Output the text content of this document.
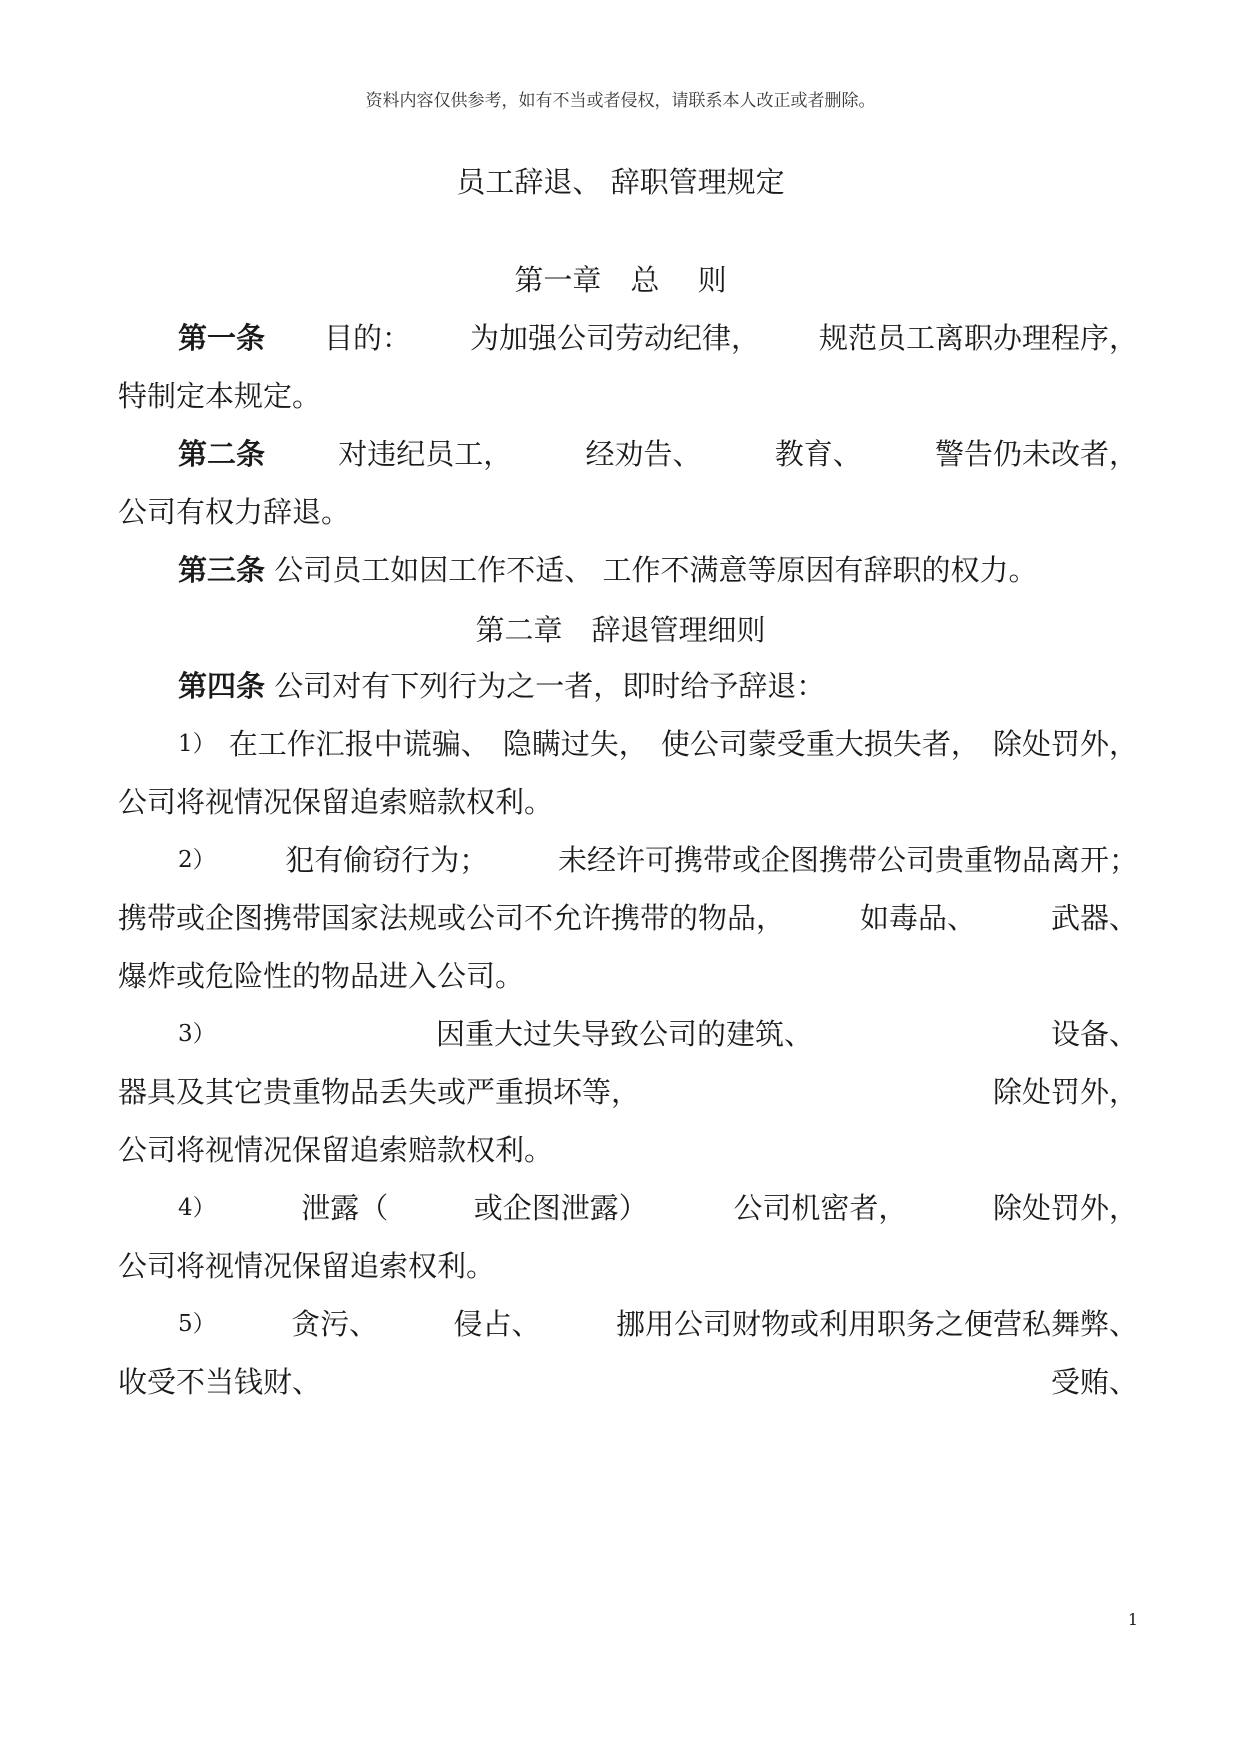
资料内容仅供参考，如有不当或者侵权，请联系本人改正或者删除。
员工辞退、 辞职管理规定
第一章　总　 则
第一条 目的： 为加强公司劳动纪律， 规范员工离职办理程序，
特制定本规定。
第二条	对违纪员工，	经劝告、	教育、	警告仍未改者，
公司有权力辞退。
第三条 公司员工如因工作不适、 工作不满意等原因有辞职的权力。
第二章　辞退管理细则
第四条 公司对有下列行为之一者，即时给予辞退：
1） 在工作汇报中谎骗、 隐瞒过失， 使公司蒙受重大损失者， 除处罚外，
公司将视情况保留追索赔款权利。
2） 犯有偷窃行为； 未经许可携带或企图携带公司贵重物品离开；
携带或企图携带国家法规或公司不允许携带的物品，	如毒品、	武器、
爆炸或危险性的物品进入公司。
3）	因重大过失导致公司的建筑、	设备、
器具及其它贵重物品丢失或严重损坏等，	除处罚外，
公司将视情况保留追索赔款权利。
4）	泄露（	或企图泄露）	公司机密者，	除处罚外，
公司将视情况保留追索权利。
5）	贪污、	侵占、	挪用公司财物或利用职务之便营私舞弊、
收受不当钱财、	受贿、
1
